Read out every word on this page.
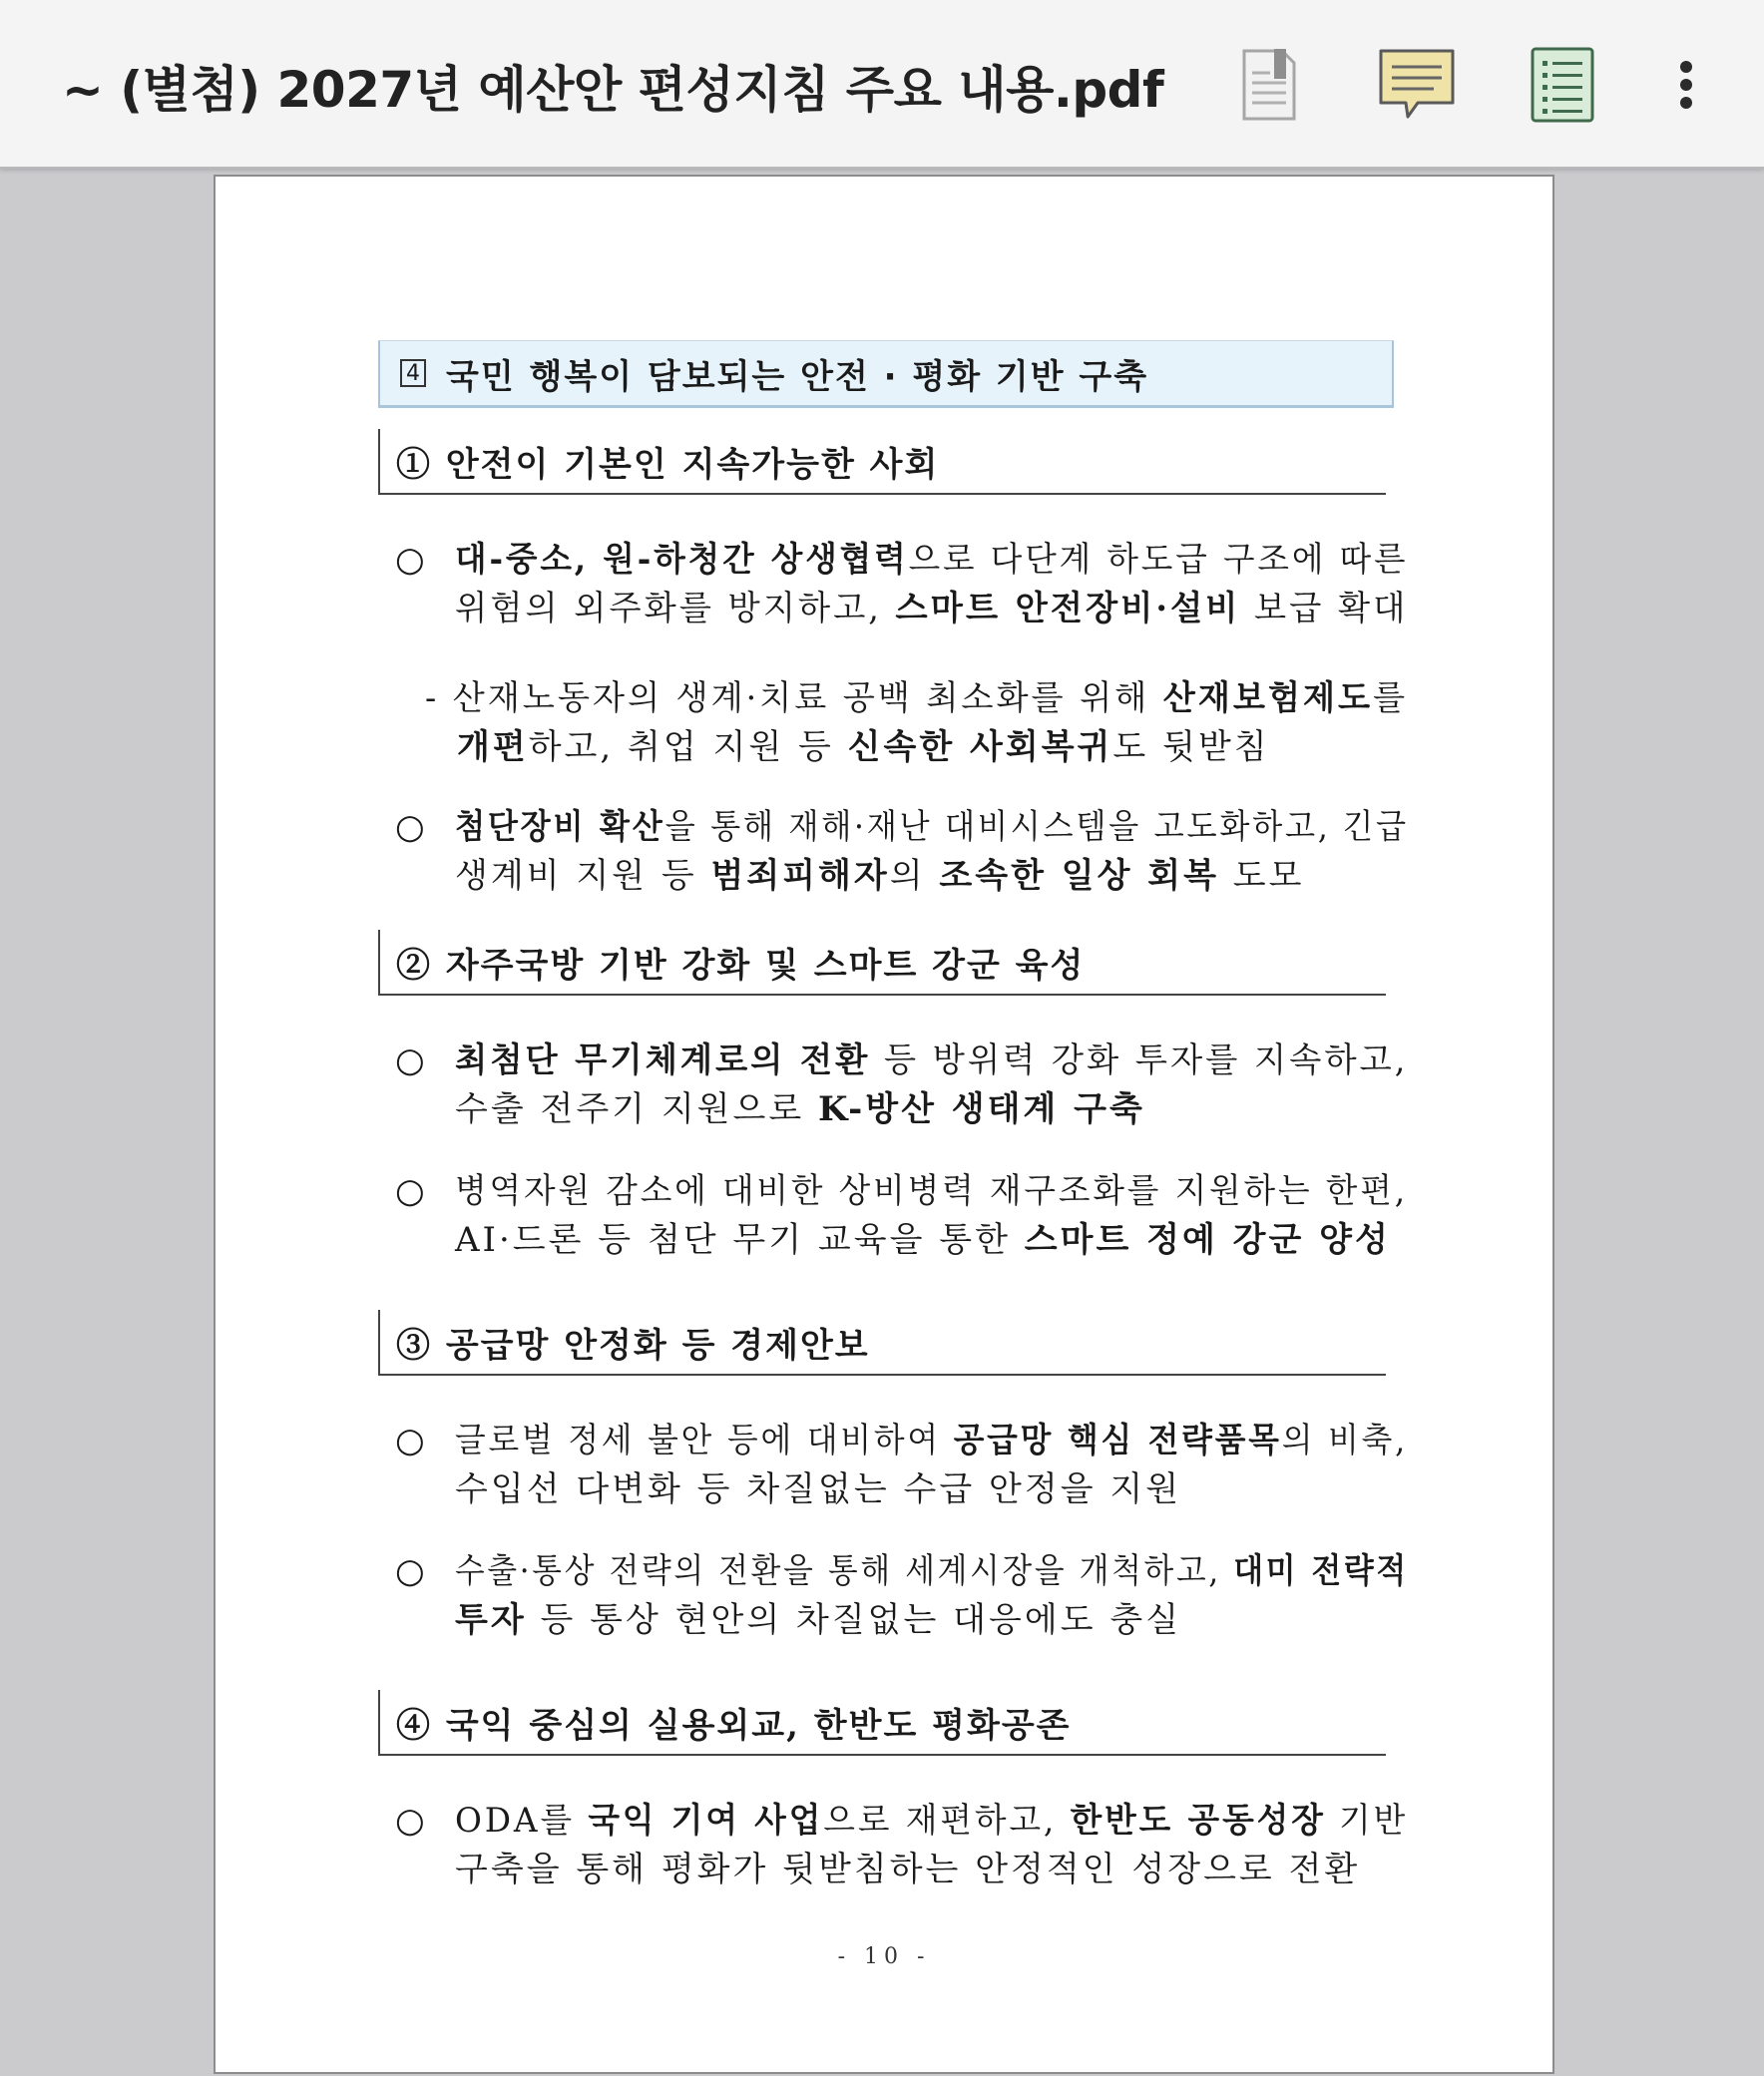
~ (별첨) 2027년 예산안 편성지침 주요 내용.pdf
4 국민 행복이 담보되는 안전 · 평화 기반 구축
① 안전이 기본인 지속가능한 사회
○ 대-중소, 원-하청간 상생협력으로 다단계 하도급 구조에 따른
위험의 외주화를 방지하고, 스마트 안전장비·설비 보급 확대
- 산재노동자의 생계·치료 공백 최소화를 위해 산재보험제도를
개편하고, 취업 지원 등 신속한 사회복귀도 뒷받침
○ 첨단장비 확산을 통해 재해·재난 대비시스템을 고도화하고, 긴급
생계비 지원 등 범죄피해자의 조속한 일상 회복 도모
② 자주국방 기반 강화 및 스마트 강군 육성
○ 최첨단 무기체계로의 전환 등 방위력 강화 투자를 지속하고,
수출 전주기 지원으로 K-방산 생태계 구축
○ 병역자원 감소에 대비한 상비병력 재구조화를 지원하는 한편,
AI·드론 등 첨단 무기 교육을 통한 스마트 정예 강군 양성
③ 공급망 안정화 등 경제안보
○ 글로벌 정세 불안 등에 대비하여 공급망 핵심 전략품목의 비축,
수입선 다변화 등 차질없는 수급 안정을 지원
○ 수출·통상 전략의 전환을 통해 세계시장을 개척하고, 대미 전략적
투자 등 통상 현안의 차질없는 대응에도 충실
④ 국익 중심의 실용외교, 한반도 평화공존
○ ODA를 국익 기여 사업으로 재편하고, 한반도 공동성장 기반
구축을 통해 평화가 뒷받침하는 안정적인 성장으로 전환
- 10 -
